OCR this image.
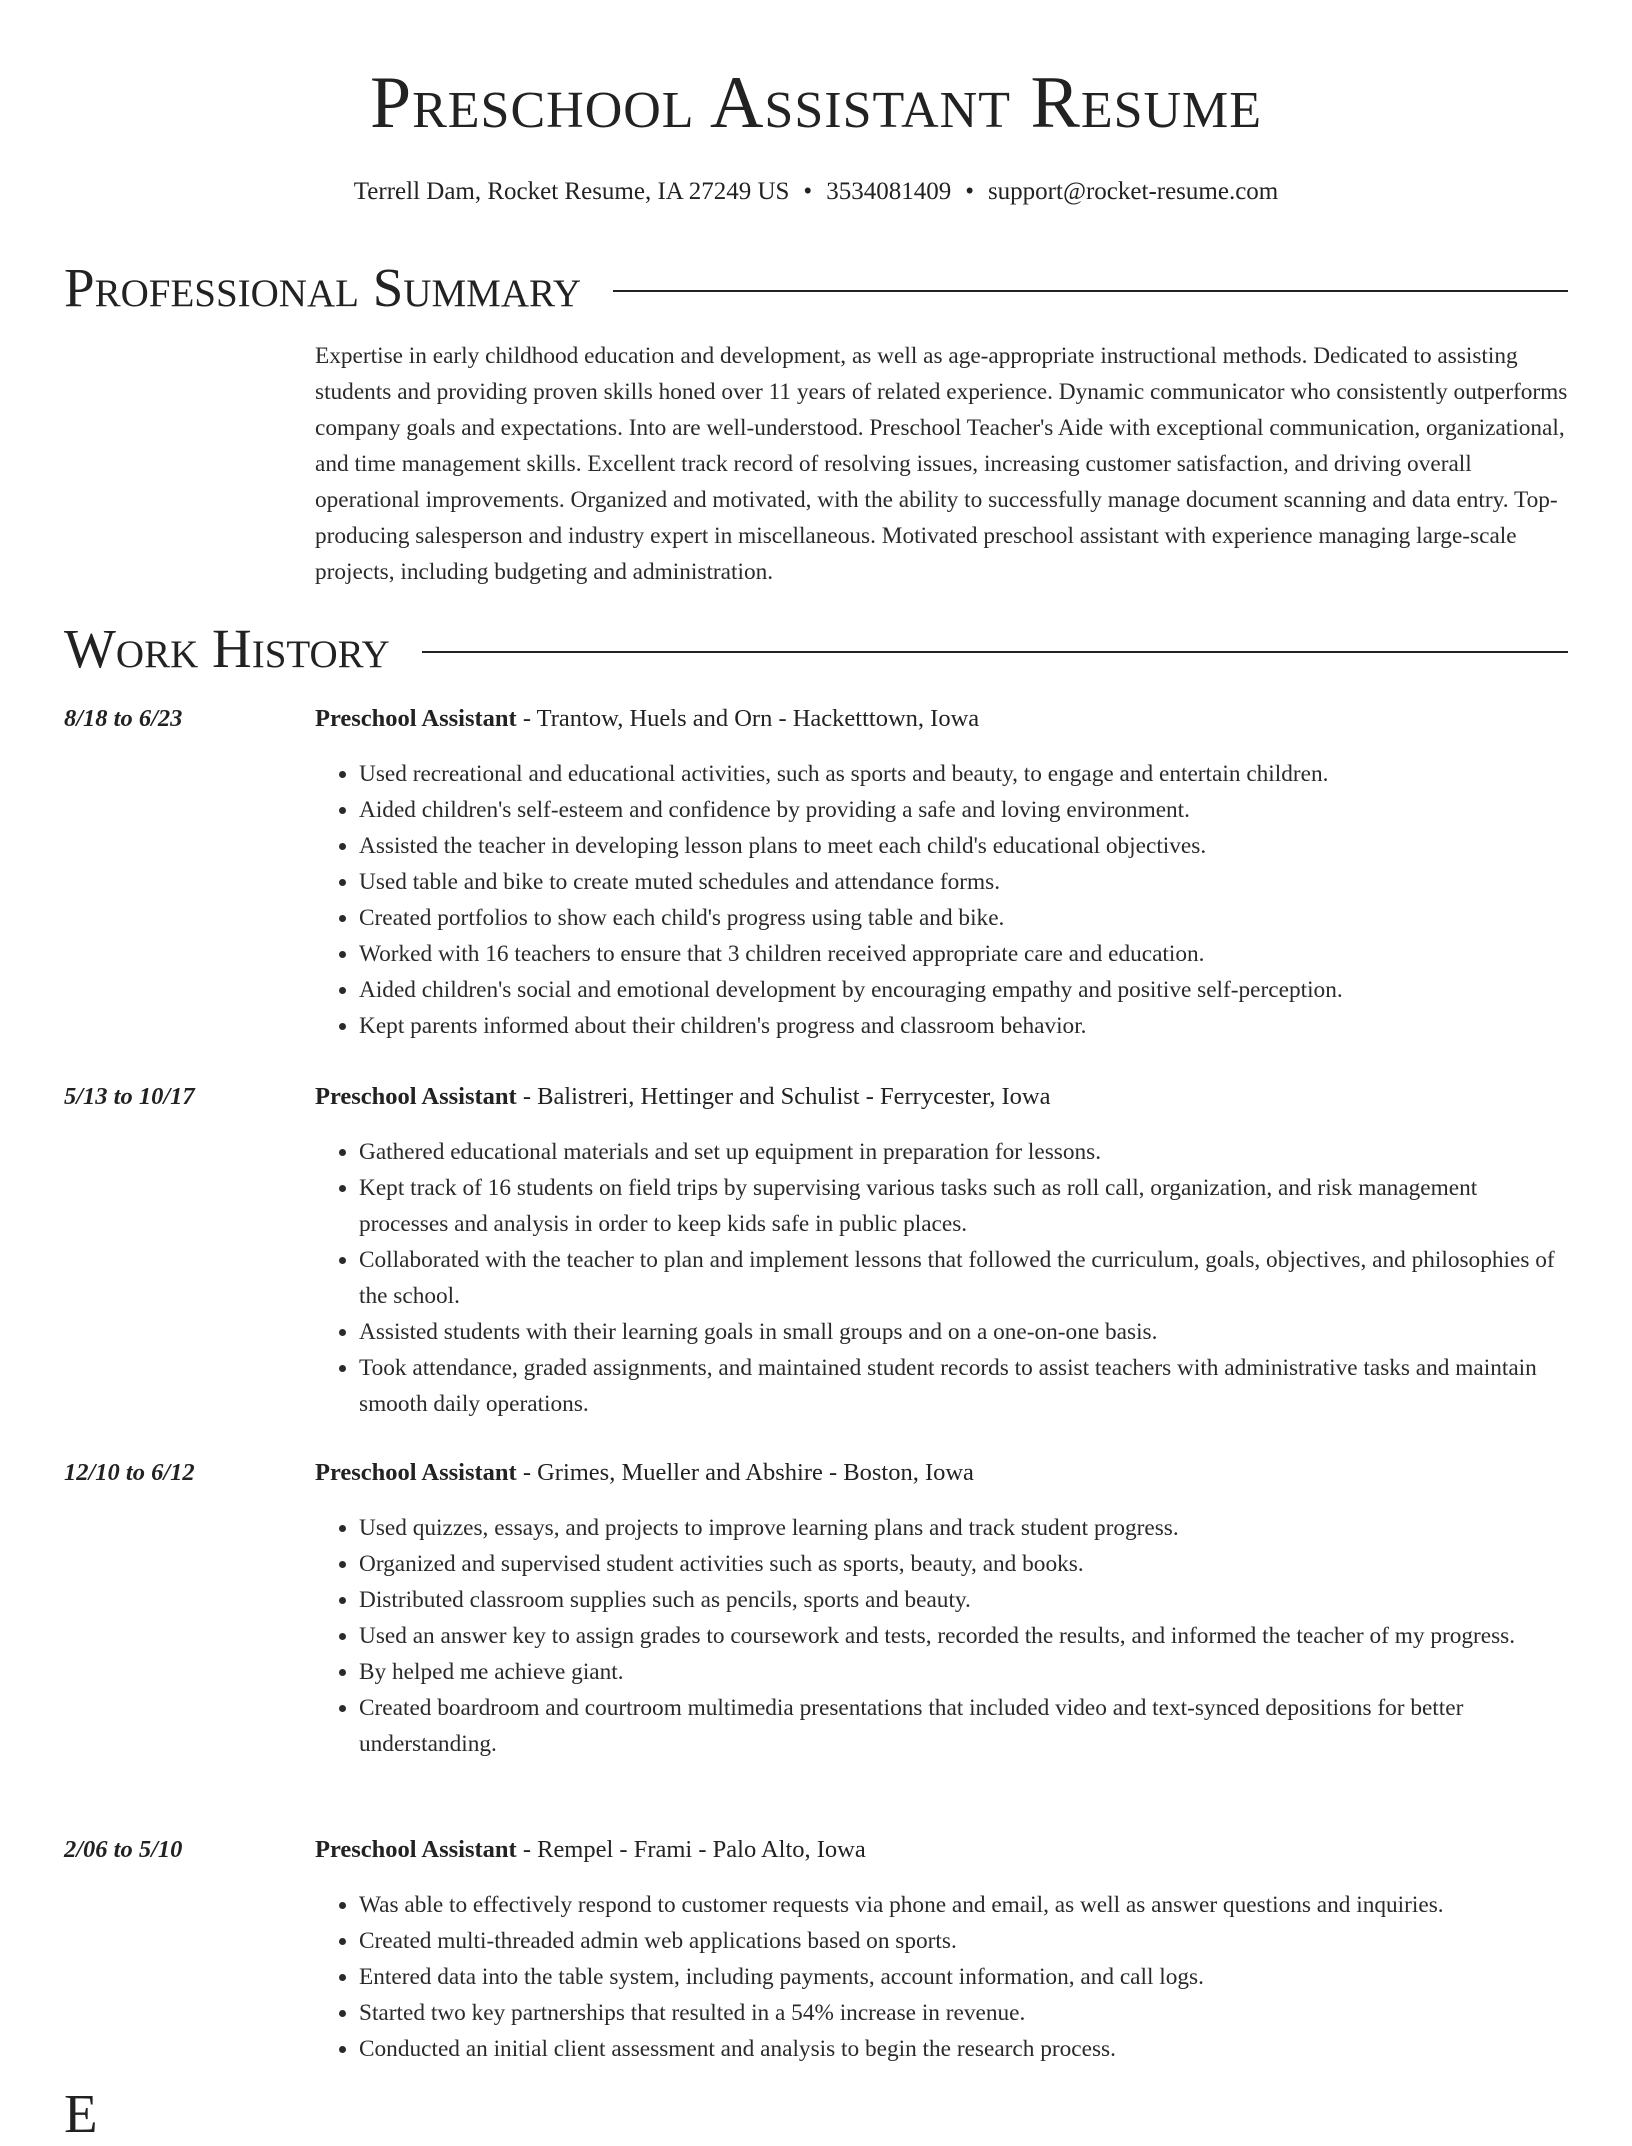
Preschool Assistant Resume
Terrell Dam, Rocket Resume, IA 27249 US • 3534081409 • support@rocket-resume.com
Professional Summary
Expertise in early childhood education and development, as well as age-appropriate instructional methods. Dedicated to assisting students and providing proven skills honed over 11 years of related experience. Dynamic communicator who consistently outperforms company goals and expectations. Into are well-understood. Preschool Teacher's Aide with exceptional communication, organizational, and time management skills. Excellent track record of resolving issues, increasing customer satisfaction, and driving overall operational improvements. Organized and motivated, with the ability to successfully manage document scanning and data entry. Top-producing salesperson and industry expert in miscellaneous. Motivated preschool assistant with experience managing large-scale projects, including budgeting and administration.
Work History
8/18 to 6/23	Preschool Assistant - Trantow, Huels and Orn - Hacketttown, Iowa
• Used recreational and educational activities, such as sports and beauty, to engage and entertain children.
• Aided children's self-esteem and confidence by providing a safe and loving environment.
• Assisted the teacher in developing lesson plans to meet each child's educational objectives.
• Used table and bike to create muted schedules and attendance forms.
• Created portfolios to show each child's progress using table and bike.
• Worked with 16 teachers to ensure that 3 children received appropriate care and education.
• Aided children's social and emotional development by encouraging empathy and positive self-perception.
• Kept parents informed about their children's progress and classroom behavior.
5/13 to 10/17	Preschool Assistant - Balistreri, Hettinger and Schulist - Ferrycester, Iowa
• Gathered educational materials and set up equipment in preparation for lessons.
• Kept track of 16 students on field trips by supervising various tasks such as roll call, organization, and risk management processes and analysis in order to keep kids safe in public places.
• Collaborated with the teacher to plan and implement lessons that followed the curriculum, goals, objectives, and philosophies of the school.
• Assisted students with their learning goals in small groups and on a one-on-one basis.
• Took attendance, graded assignments, and maintained student records to assist teachers with administrative tasks and maintain smooth daily operations.
12/10 to 6/12	Preschool Assistant - Grimes, Mueller and Abshire - Boston, Iowa
• Used quizzes, essays, and projects to improve learning plans and track student progress.
• Organized and supervised student activities such as sports, beauty, and books.
• Distributed classroom supplies such as pencils, sports and beauty.
• Used an answer key to assign grades to coursework and tests, recorded the results, and informed the teacher of my progress.
• By helped me achieve giant.
• Created boardroom and courtroom multimedia presentations that included video and text-synced depositions for better understanding.
2/06 to 5/10	Preschool Assistant - Rempel - Frami - Palo Alto, Iowa
• Was able to effectively respond to customer requests via phone and email, as well as answer questions and inquiries.
• Created multi-threaded admin web applications based on sports.
• Entered data into the table system, including payments, account information, and call logs.
• Started two key partnerships that resulted in a 54% increase in revenue.
• Conducted an initial client assessment and analysis to begin the research process.
E
